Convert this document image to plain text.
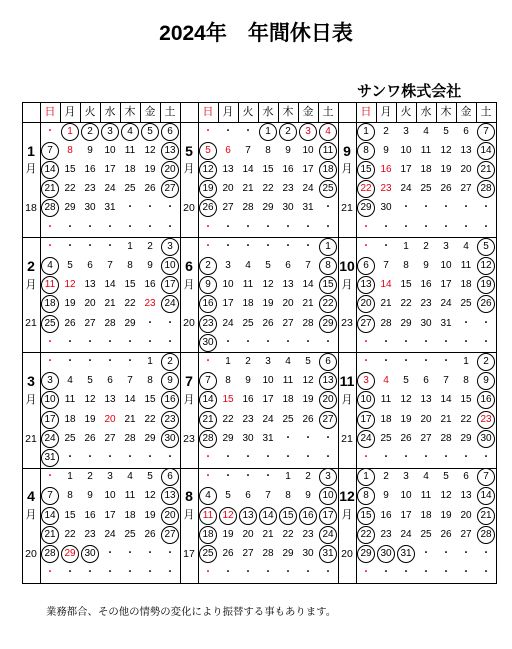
2024年　年間休日表
サンワ株式会社
日 月 火 水 木 金 土	日 月 火 水 木 金 土	日 月 火 水 木 金 土
1
月
18
・	1	2	3	4	5	6
7	8	9	10 11 12 13
14 15 16 17 18 19 20
21 22 23 24 25 26 27
28 29 30 31 ・	・	・
・	・	・	・	・	・	・
5
月
20
・	・	・	1	2	3	4
5	6	7	8	9	10 11
12 13 14 15 16 17 18
19 20 21 22 23 24 25
26 27 28 29 30 31 ・
・	・	・	・	・	・	・
9
月
21
1	2	3	4	5	6	7
8	9	10 11 12 13 14
15 16 17 18 19 20 21
22 23 24 25 26 27 28
29 30 ・	・	・	・	・
・	・	・	・	・	・	・
2
月
21
・	・	・	・	1	2	3
4	5	6	7	8	9	10
11 12 13 14 15 16 17
18 19 20 21 22 23 24
25 26 27 28 29 ・	・
・	・	・	・	・	・	・
6
月
20
・	・	・	・	・	・	1
2	3	4	5	6	7	8
9	10 11 12 13 14 15
16 17 18 19 20 21 22
23 24 25 26 27 28 29
30 ・	・	・	・	・	・
10
月
23
・	・	1	2	3	4	5
6	7	8	9	10 11 12
13 14 15 16 17 18 19
20 21 22 23 24 25 26
27 28 29 30 31 ・	・
・	・	・	・	・	・	・
3
月
21
・	・	・	・	・	1	2
3	4	5	6	7	8	9
10 11 12 13 14 15 16
17 18 19 20 21 22 23
24 25 26 27 28 29 30
31 ・	・	・	・	・	・
7
月
23
・	1	2	3	4	5	6
7	8	9	10 11 12 13
14 15 16 17 18 19 20
21 22 23 24 25 26 27
28 29 30 31 ・	・	・
・	・	・	・	・	・	・
11
月
21
・	・	・	・	・	1	2
3	4	5	6	7	8	9
10 11 12 13 14 15 16
17 18 19 20 21 22 23
24 25 26 27 28 29 30
・	・	・	・	・	・	・
4
月
20
・	1	2	3	4	5	6
7	8	9	10 11 12 13
14 15 16 17 18 19 20
21 22 23 24 25 26 27
28 29 30 ・	・	・	・
・	・	・	・	・	・	・
8
月
17
・	・	・	・	1	2	3
4	5	6	7	8	9	10
11 12 13 14 15 16 17
18 19 20 21 22 23 24
25 26 27 28 29 30 31
・	・	・	・	・	・	・
12
月
20
1	2	3	4	5	6	7
8	9	10 11 12 13 14
15 16 17 18 19 20 21
22 23 24 25 26 27 28
29 30 31 ・	・	・	・
・	・	・	・	・	・	・
業務都合、その他の情勢の変化により振替する事もあります。
